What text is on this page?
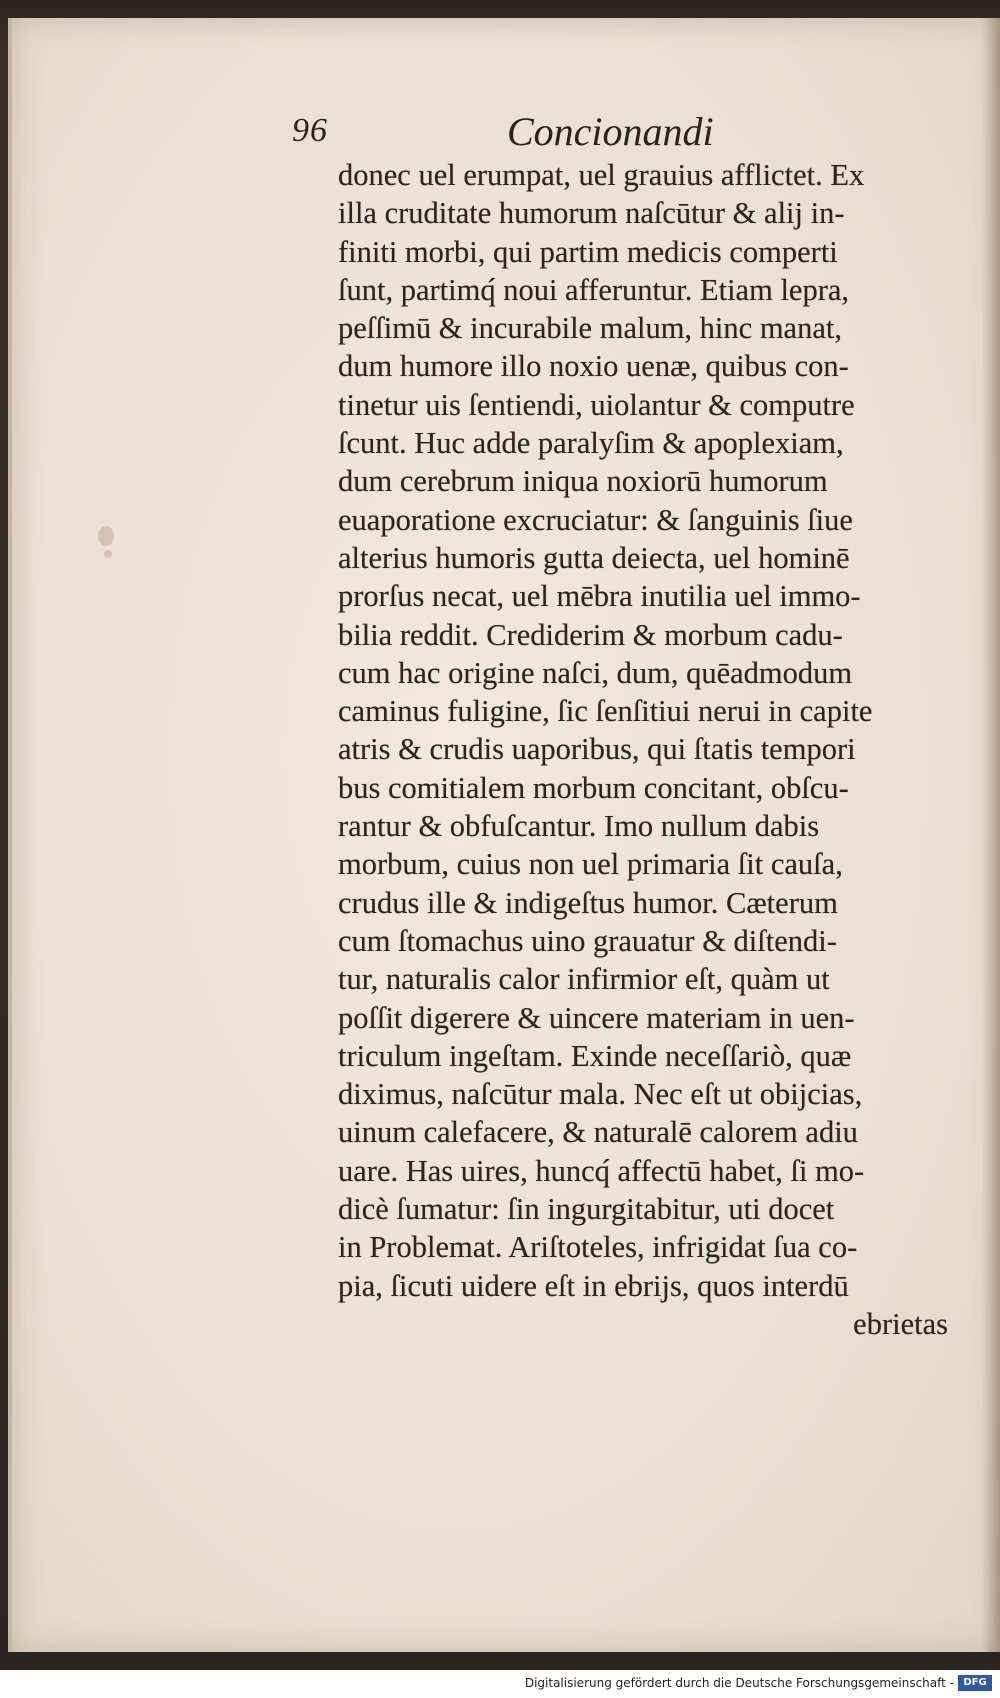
96	Concionandi
donec uel erumpat, uel grauius afflictet. Ex
illa cruditate humorum naſcūtur & alij in-
finiti morbi, qui partim medicis comperti
ſunt, partimq́ noui afferuntur. Etiam lepra,
peſſimū & incurabile malum, hinc manat,
dum humore illo noxio uenæ, quibus con-
tinetur uis ſentiendi, uiolantur & computre
ſcunt. Huc adde paralyſim & apoplexiam,
dum cerebrum iniqua noxiorū humorum
euaporatione excruciatur: & ſanguinis ſiue
alterius humoris gutta deiecta, uel hominē
prorſus necat, uel mēbra inutilia uel immo-
bilia reddit. Crediderim & morbum cadu-
cum hac origine naſci, dum, quēadmodum
caminus fuligine, ſic ſenſitiui nerui in capite
atris & crudis uaporibus, qui ſtatis tempori
bus comitialem morbum concitant, obſcu-
rantur & obfuſcantur. Imo nullum dabis
morbum, cuius non uel primaria ſit cauſa,
crudus ille & indigeſtus humor. Cæterum
cum ſtomachus uino grauatur & diſtendi-
tur, naturalis calor infirmior eſt, quàm ut
poſſit digerere & uincere materiam in uen-
triculum ingeſtam. Exinde neceſſariò, quæ
diximus, naſcūtur mala. Nec eſt ut obijcias,
uinum calefacere, & naturalē calorem adiu
uare. Has uires, huncq́ affectū habet, ſi mo-
dicè ſumatur: ſin ingurgitabitur, uti docet
in Problemat. Ariſtoteles, infrigidat ſua co-
pia, ſicuti uidere eſt in ebrijs, quos interdū
ebrietas
Digitalisierung gefördert durch die Deutsche Forschungsgemeinschaft - DFG
